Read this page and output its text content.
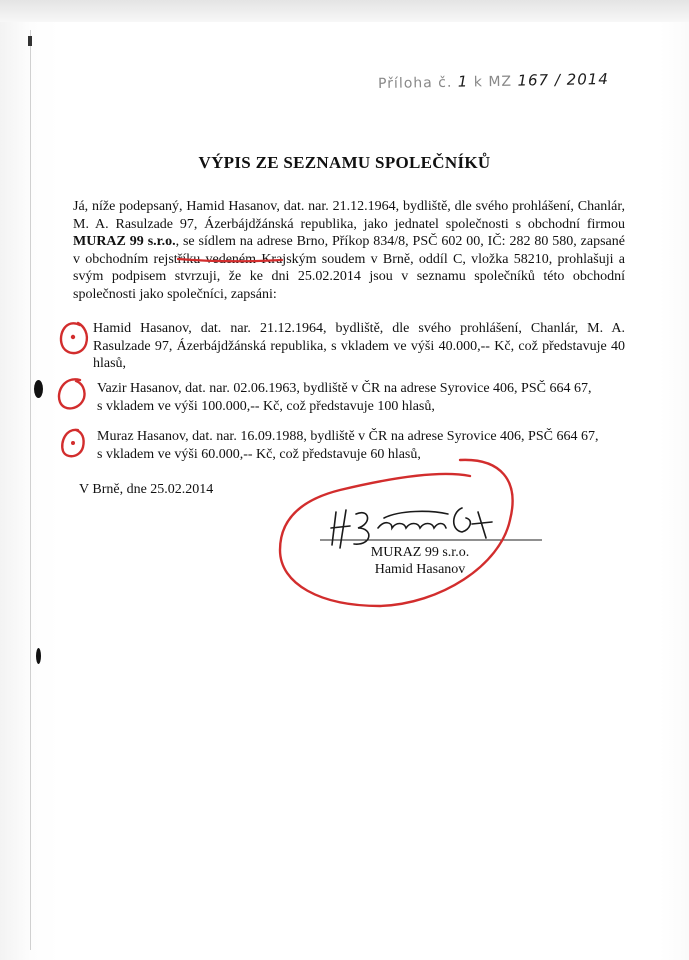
Příloha č. 1 k MZ 167 / 2014
VÝPIS ZE SEZNAMU SPOLEČNÍKŮ
Já, níže podepsaný, Hamid Hasanov, dat. nar. 21.12.1964, bydliště, dle svého prohlášení, Chanlár, M. A. Rasulzade 97, Ázerbájdžánská republika, jako jednatel společnosti s obchodní firmou MURAZ 99 s.r.o., se sídlem na adrese Brno, Příkop 834/8, PSČ 602 00, IČ: 282 80 580, zapsané v obchodním rejstříku vedeném Krajským soudem v Brně, oddíl C, vložka 58210, prohlašuji a svým podpisem stvrzuji, že ke dni 25.02.2014 jsou v seznamu společníků této obchodní společnosti jako společníci, zapsáni:
Hamid Hasanov, dat. nar. 21.12.1964, bydliště, dle svého prohlášení, Chanlár, M. A. Rasulzade 97, Ázerbájdžánská republika, s vkladem ve výši 40.000,-- Kč, což představuje 40 hlasů,
Vazir Hasanov, dat. nar. 02.06.1963, bydliště v ČR na adrese Syrovice 406, PSČ 664 67,
s vkladem ve výši 100.000,-- Kč, což představuje 100 hlasů,
Muraz Hasanov, dat. nar. 16.09.1988, bydliště v ČR na adrese Syrovice 406, PSČ 664 67,
s vkladem ve výši 60.000,-- Kč, což představuje 60 hlasů,
V Brně, dne 25.02.2014
MURAZ 99 s.r.o.
Hamid Hasanov
